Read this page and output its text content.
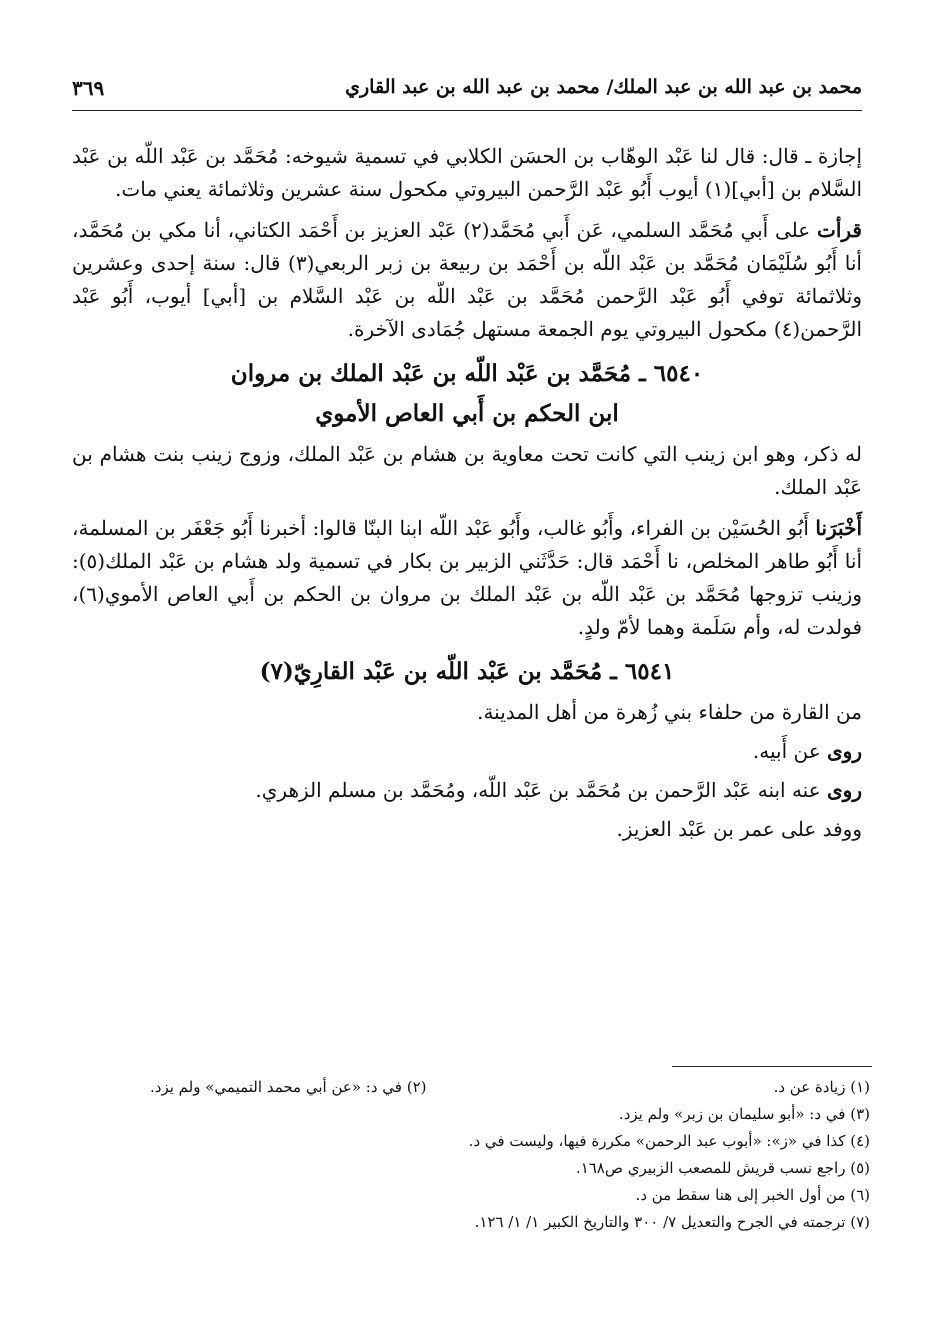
محمد بن عبد الله بن عبد الملك/ محمد بن عبد الله بن عبد القاري
٣٦٩

إجازة ـ قال: قال لنا عَبْد الوهّاب بن الحسَن الكلابي في تسمية شيوخه: مُحَمَّد بن عَبْد اللّه بن عَبْد السَّلام بن [أبي](١) أيوب أَبُو عَبْد الرَّحمن البيروتي مكحول سنة عشرين وثلاثمائة يعني مات.

قرأت على أَبي مُحَمَّد السلمي، عَن أَبي مُحَمَّد(٢) عَبْد العزيز بن أَحْمَد الكتاني، أنا مكي بن مُحَمَّد، أنا أَبُو سُلَيْمَان مُحَمَّد بن عَبْد اللّه بن أَحْمَد بن ربيعة بن زبر الربعي(٣) قال: سنة إحدى وعشرين وثلاثمائة توفي أَبُو عَبْد الرَّحمن مُحَمَّد بن عَبْد اللّه بن عَبْد السَّلام بن [أبي] أيوب، أَبُو عَبْد الرَّحمن(٤) مكحول البيروتي يوم الجمعة مستهل جُمَادى الآخرة.

٦٥٤٠ ـ مُحَمَّد بن عَبْد اللّه بن عَبْد الملك بن مروان
ابن الحكم بن أَبي العاص الأموي

له ذكر، وهو ابن زينب التي كانت تحت معاوية بن هشام بن عَبْد الملك، وزوج زينب بنت هشام بن عَبْد الملك.

أَخْبَرَنا أَبُو الحُسَيْن بن الفراء، وأَبُو غالب، وأَبُو عَبْد اللّه ابنا البنّا قالوا: أخبرنا أَبُو جَعْفَر بن المسلمة، أنا أَبُو طاهر المخلص، نا أَحْمَد قال: حَدَّثَني الزبير بن بكار في تسمية ولد هشام بن عَبْد الملك(٥): وزينب تزوجها مُحَمَّد بن عَبْد اللّه بن عَبْد الملك بن مروان بن الحكم بن أَبي العاص الأموي(٦)، فولدت له، وأم سَلَمة وهما لأمّ ولدٍ.

٦٥٤١ ـ مُحَمَّد بن عَبْد اللّه بن عَبْد القارِيّ(٧)

من القارة من حلفاء بني زُهرة من أهل المدينة.

روى عن أَبيه.

روى عنه ابنه عَبْد الرَّحمن بن مُحَمَّد بن عَبْد اللّه، ومُحَمَّد بن مسلم الزهري.

ووفد على عمر بن عَبْد العزيز.

(١) زيادة عن د.
(٢) في د: «عن أبي محمد التميمي» ولم يزد.
(٣) في د: «أبو سليمان بن زبر» ولم يزد.
(٤) كذا في «ز»: «أبوب عبد الرحمن» مكررة فيها، وليست في د.
(٥) راجع نسب قريش للمصعب الزبيري ص١٦٨.
(٦) من أول الخبر إلى هنا سقط من د.
(٧) ترجمته في الجرح والتعديل ٧/ ٣٠٠ والتاريخ الكبير ١/ ١/ ١٢٦.
